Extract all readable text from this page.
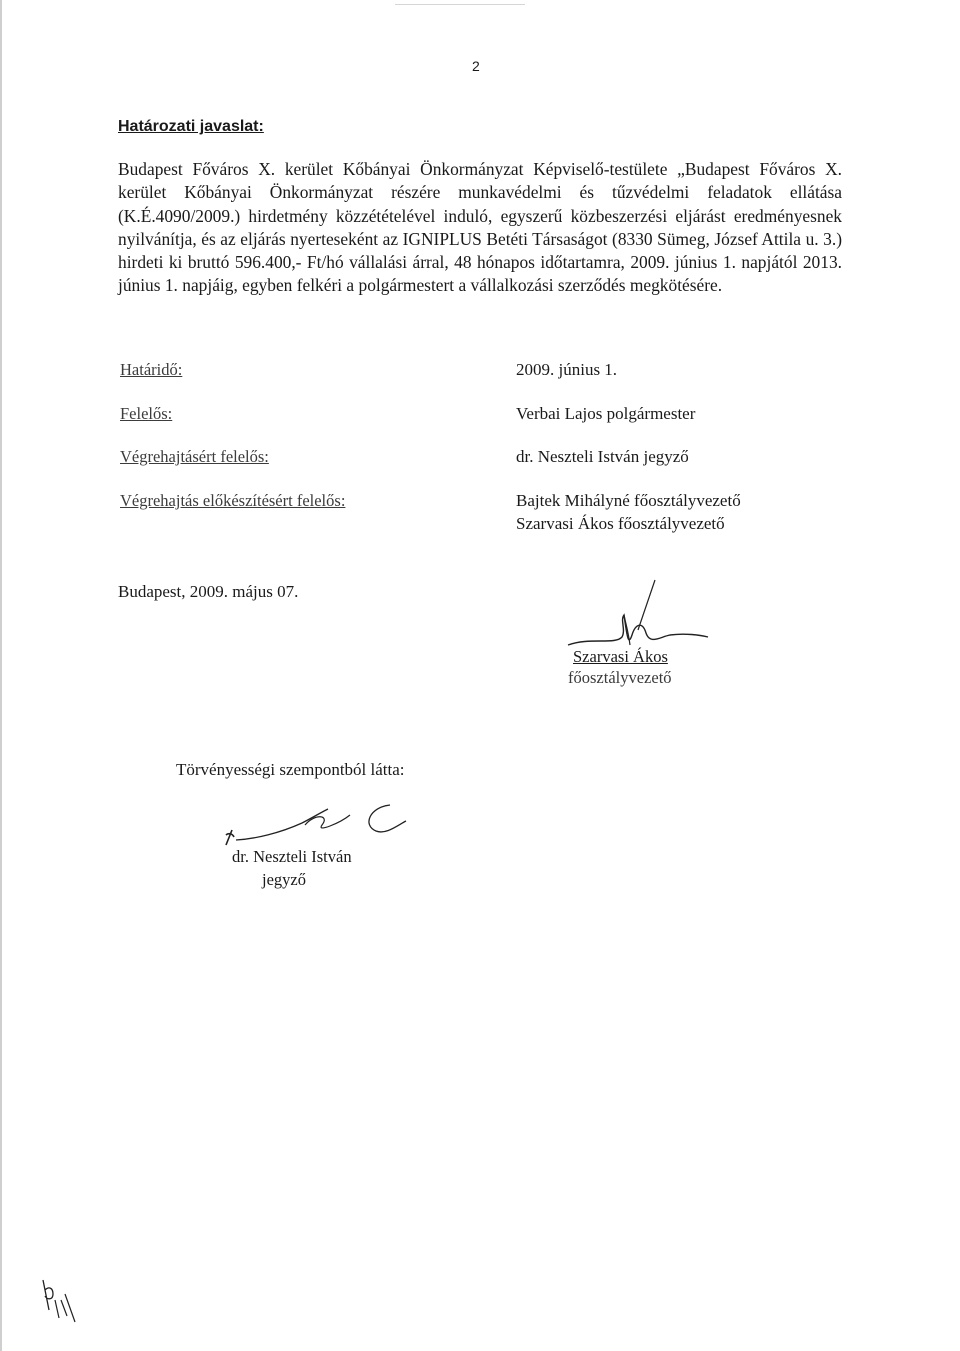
2
Határozati javaslat:

Budapest Főváros X. kerület Kőbányai Önkormányzat Képviselő-testülete „Budapest Főváros X. kerület Kőbányai Önkormányzat részére munkavédelmi és tűzvédelmi feladatok ellátása (K.É.4090/2009.) hirdetmény közzétételével induló, egyszerű közbeszerzési eljárást eredményesnek nyilvánítja, és az eljárás nyerteseként az IGNIPLUS Betéti Társaságot (8330 Sümeg, József Attila u. 3.) hirdeti ki bruttó 596.400,- Ft/hó vállalási árral, 48 hónapos időtartamra, 2009. június 1. napjától 2013. június 1. napjáig, egyben felkéri a polgármestert a vállalkozási szerződés megkötésére.

Határidő:	2009. június 1.
Felelős:	Verbai Lajos polgármester
Végrehajtásért felelős:	dr. Neszteli István jegyző
Végrehajtás előkészítésért felelős:	Bajtek Mihályné főosztályvezető
Szarvasi Ákos főosztályvezető
Budapest, 2009. május 07.
Szarvasi Ákos
főosztályvezető
Törvényességi szempontból látta:
dr. Neszteli István
jegyző
